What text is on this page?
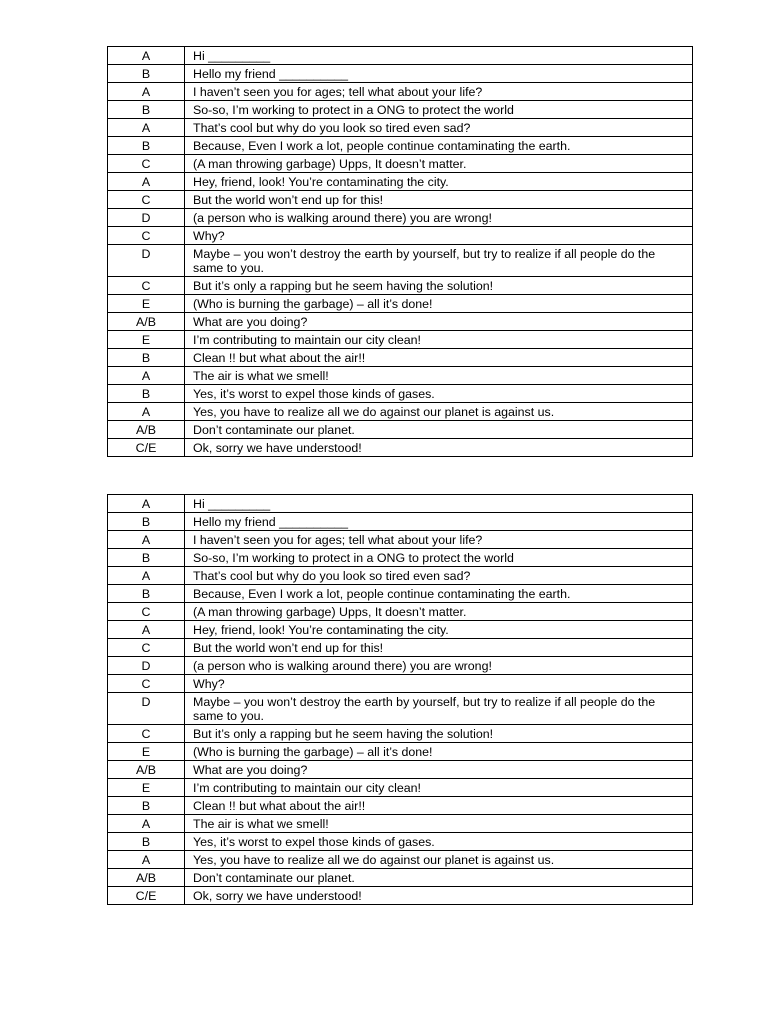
A	Hi _________
B	Hello my friend __________
A	I haven’t seen you for ages; tell what about your life?
B	So-so, I’m working to protect in a ONG to protect the world
A	That’s cool but why do you look so tired even sad?
B	Because, Even I work a lot, people continue contaminating the earth.
C	(A man throwing garbage) Upps, It doesn’t matter.
A	Hey, friend, look! You’re contaminating the city.
C	But the world won’t end up for this!
D	(a person who is walking around there) you are wrong!
C	Why?
D	Maybe – you won’t destroy the earth by yourself, but try to realize if all people do the same to you.
C	But it’s only a rapping but he seem having the solution!
E	(Who is burning the garbage) – all it’s done!
A/B	What are you doing?
E	I’m contributing to maintain our city clean!
B	Clean !! but what about the air!!
A	The air is what we smell!
B	Yes, it’s worst to expel those kinds of gases.
A	Yes, you have to realize all we do against our planet is against us.
A/B	Don’t contaminate our planet.
C/E	Ok, sorry we have understood!
A	Hi _________
B	Hello my friend __________
A	I haven’t seen you for ages; tell what about your life?
B	So-so, I’m working to protect in a ONG to protect the world
A	That’s cool but why do you look so tired even sad?
B	Because, Even I work a lot, people continue contaminating the earth.
C	(A man throwing garbage) Upps, It doesn’t matter.
A	Hey, friend, look! You’re contaminating the city.
C	But the world won’t end up for this!
D	(a person who is walking around there) you are wrong!
C	Why?
D	Maybe – you won’t destroy the earth by yourself, but try to realize if all people do the same to you.
C	But it’s only a rapping but he seem having the solution!
E	(Who is burning the garbage) – all it’s done!
A/B	What are you doing?
E	I’m contributing to maintain our city clean!
B	Clean !! but what about the air!!
A	The air is what we smell!
B	Yes, it’s worst to expel those kinds of gases.
A	Yes, you have to realize all we do against our planet is against us.
A/B	Don’t contaminate our planet.
C/E	Ok, sorry we have understood!
